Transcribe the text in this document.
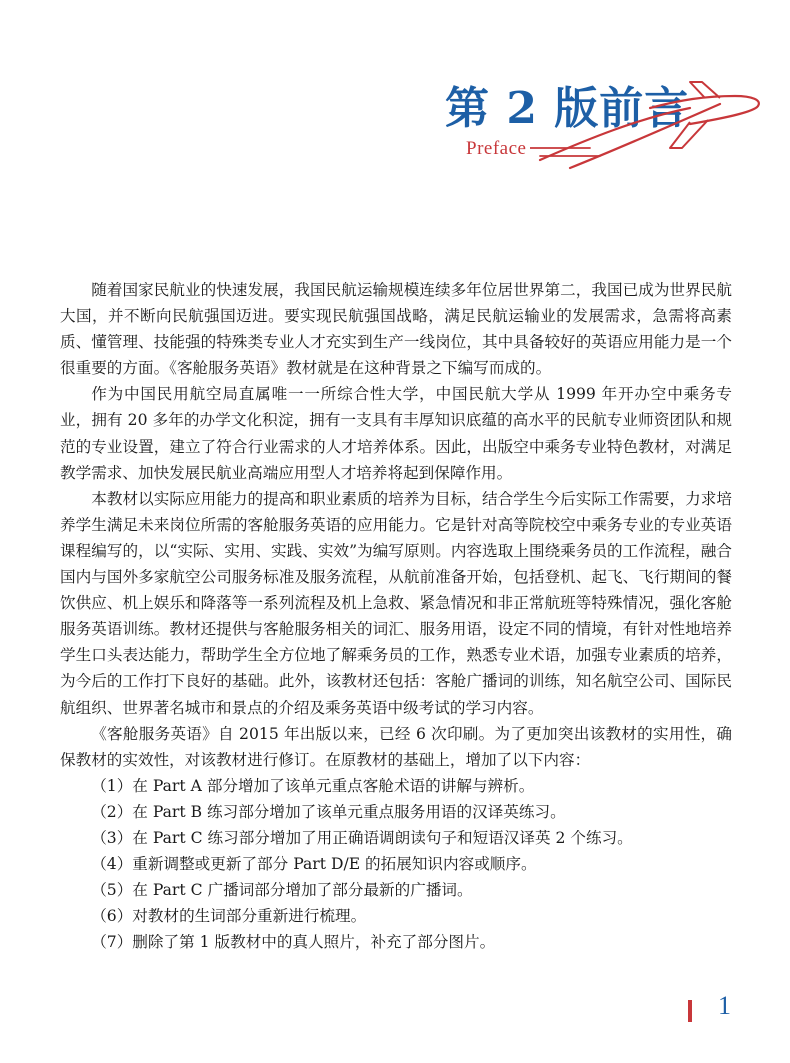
第 2 版前言
Preface

随着国家民航业的快速发展，我国民航运输规模连续多年位居世界第二，我国已成为世界民航大国，并不断向民航强国迈进。要实现民航强国战略，满足民航运输业的发展需求，急需将高素质、懂管理、技能强的特殊类专业人才充实到生产一线岗位，其中具备较好的英语应用能力是一个很重要的方面。《客舱服务英语》教材就是在这种背景之下编写而成的。

作为中国民用航空局直属唯一一所综合性大学，中国民航大学从 1999 年开办空中乘务专业，拥有 20 多年的办学文化积淀，拥有一支具有丰厚知识底蕴的高水平的民航专业师资团队和规范的专业设置，建立了符合行业需求的人才培养体系。因此，出版空中乘务专业特色教材，对满足教学需求、加快发展民航业高端应用型人才培养将起到保障作用。

本教材以实际应用能力的提高和职业素质的培养为目标，结合学生今后实际工作需要，力求培养学生满足未来岗位所需的客舱服务英语的应用能力。它是针对高等院校空中乘务专业的专业英语课程编写的，以“实际、实用、实践、实效”为编写原则。内容选取上围绕乘务员的工作流程，融合国内与国外多家航空公司服务标准及服务流程，从航前准备开始，包括登机、起飞、飞行期间的餐饮供应、机上娱乐和降落等一系列流程及机上急救、紧急情况和非正常航班等特殊情况，强化客舱服务英语训练。教材还提供与客舱服务相关的词汇、服务用语，设定不同的情境，有针对性地培养学生口头表达能力，帮助学生全方位地了解乘务员的工作，熟悉专业术语，加强专业素质的培养，为今后的工作打下良好的基础。此外，该教材还包括：客舱广播词的训练，知名航空公司、国际民航组织、世界著名城市和景点的介绍及乘务英语中级考试的学习内容。

《客舱服务英语》自 2015 年出版以来，已经 6 次印刷。为了更加突出该教材的实用性，确保教材的实效性，对该教材进行修订。在原教材的基础上，增加了以下内容：

（1）在 Part A 部分增加了该单元重点客舱术语的讲解与辨析。

（2）在 Part B 练习部分增加了该单元重点服务用语的汉译英练习。

（3）在 Part C 练习部分增加了用正确语调朗读句子和短语汉译英 2 个练习。

（4）重新调整或更新了部分 Part D/E 的拓展知识内容或顺序。

（5）在 Part C 广播词部分增加了部分最新的广播词。

（6）对教材的生词部分重新进行梳理。

（7）删除了第 1 版教材中的真人照片，补充了部分图片。

1
